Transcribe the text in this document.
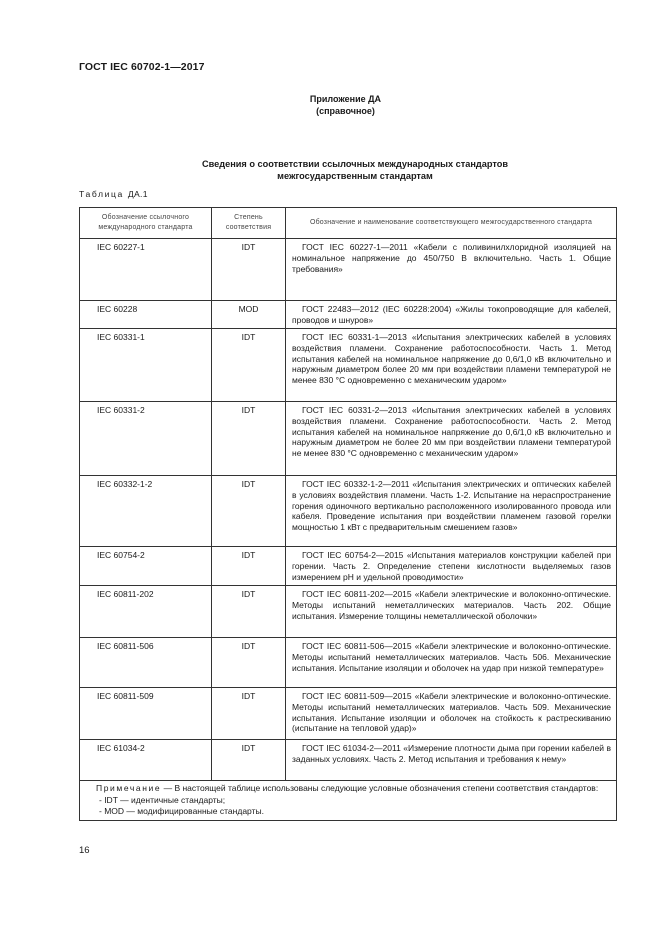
ГОСТ IEC 60702-1—2017
Приложение ДА
(справочное)
Сведения о соответствии ссылочных международных стандартов
межгосударственным стандартам
Таблица ДА.1
Обозначение ссылочного международного стандарта	Степень соответствия	Обозначение и наименование соответствующего межгосударственного стандарта
IEC 60227-1	IDT	ГОСТ IEC 60227-1—2011 «Кабели с поливинилхлоридной изоляцией на номинальное напряжение до 450/750 В включительно. Часть 1. Общие требования»
IEC 60228	MOD	ГОСТ 22483—2012 (IEC 60228:2004) «Жилы токопроводящие для кабелей, проводов и шнуров»
IEC 60331-1	IDT	ГОСТ IEC 60331-1—2013 «Испытания электрических кабелей в условиях воздействия пламени. Сохранение работоспособности. Часть 1. Метод испытания кабелей на номинальное напряжение до 0,6/1,0 кВ включительно и наружным диаметром более 20 мм при воздействии пламени температурой не менее 830 °С одновременно с механическим ударом»
IEC 60331-2	IDT	ГОСТ IEC 60331-2—2013 «Испытания электрических кабелей в условиях воздействия пламени. Сохранение работоспособности. Часть 2. Метод испытания кабелей на номинальное напряжение до 0,6/1,0 кВ включительно и наружным диаметром не более 20 мм при воздействии пламени температурой не менее 830 °С одновременно с механическим ударом»
IEC 60332-1-2	IDT	ГОСТ IEC 60332-1-2—2011 «Испытания электрических и оптических кабелей в условиях воздействия пламени. Часть 1-2. Испытание на нераспространение горения одиночного вертикально расположенного изолированного провода или кабеля. Проведение испытания при воздействии пламенем газовой горелки мощностью 1 кВт с предварительным смешением газов»
IEC 60754-2	IDT	ГОСТ IEC 60754-2—2015 «Испытания материалов конструкции кабелей при горении. Часть 2. Определение степени кислотности выделяемых газов измерением pH и удельной проводимости»
IEC 60811-202	IDT	ГОСТ IEC 60811-202—2015 «Кабели электрические и волоконно-оптические. Методы испытаний неметаллических материалов. Часть 202. Общие испытания. Измерение толщины неметаллической оболочки»
IEC 60811-506	IDT	ГОСТ IEC 60811-506—2015 «Кабели электрические и волоконно-оптические. Методы испытаний неметаллических материалов. Часть 506. Механические испытания. Испытание изоляции и оболочек на удар при низкой температуре»
IEC 60811-509	IDT	ГОСТ IEC 60811-509—2015 «Кабели электрические и волоконно-оптические. Методы испытаний неметаллических материалов. Часть 509. Механические испытания. Испытание изоляции и оболочек на стойкость к растрескиванию (испытание на тепловой удар)»
IEC 61034-2	IDT	ГОСТ IEC 61034-2—2011 «Измерение плотности дыма при горении кабелей в заданных условиях. Часть 2. Метод испытания и требования к нему»

Примечание — В настоящей таблице использованы следующие условные обозначения степени соответствия стандартов:

- IDT — идентичные стандарты;

- MOD — модифицированные стандарты.		

16
